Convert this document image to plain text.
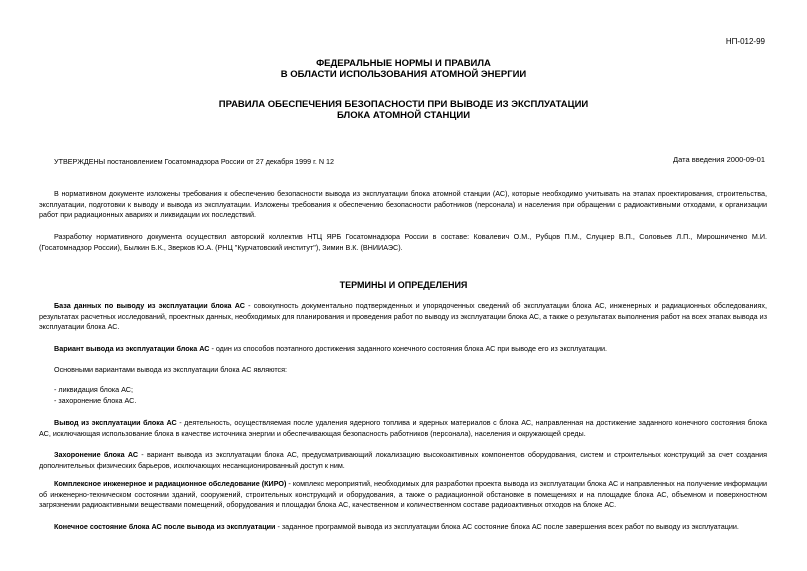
НП-012-99
ФЕДЕРАЛЬНЫЕ НОРМЫ И ПРАВИЛА
В ОБЛАСТИ ИСПОЛЬЗОВАНИЯ АТОМНОЙ ЭНЕРГИИ
ПРАВИЛА ОБЕСПЕЧЕНИЯ БЕЗОПАСНОСТИ ПРИ ВЫВОДЕ ИЗ ЭКСПЛУАТАЦИИ
БЛОКА АТОМНОЙ СТАНЦИИ
Дата введения 2000-09-01
УТВЕРЖДЕНЫ постановлением Госатомнадзора России от 27 декабря 1999 г. N 12
В нормативном документе изложены требования к обеспечению безопасности вывода из эксплуатации блока атомной станции (АС), которые необходимо учитывать на этапах проектирования, строительства, эксплуатации, подготовки к выводу и вывода из эксплуатации. Изложены требования к обеспечению безопасности работников (персонала) и населения при обращении с радиоактивными отходами, к организации работ при радиационных авариях и ликвидации их последствий.
Разработку нормативного документа осуществил авторский коллектив НТЦ ЯРБ Госатомнадзора России в составе: Ковалевич О.М., Рубцов П.М., Слуцкер В.П., Соловьев Л.П., Мирошниченко М.И. (Госатомнадзор России), Былкин Б.К., Зверков Ю.А. (РНЦ "Курчатовский институт"), Зимин В.К. (ВНИИАЭС).
ТЕРМИНЫ И ОПРЕДЕЛЕНИЯ
База данных по выводу из эксплуатации блока АС - совокупность документально подтвержденных и упорядоченных сведений об эксплуатации блока АС, инженерных и радиационных обследованиях, результатах расчетных исследований, проектных данных, необходимых для планирования и проведения работ по выводу из эксплуатации блока АС, а также о результатах выполнения работ на всех этапах вывода из эксплуатации блока АС.
Вариант вывода из эксплуатации блока АС - один из способов поэтапного достижения заданного конечного состояния блока АС при выводе его из эксплуатации.
Основными вариантами вывода из эксплуатации блока АС являются:
- ликвидация блока АС;
- захоронение блока АС.
Вывод из эксплуатации блока АС - деятельность, осуществляемая после удаления ядерного топлива и ядерных материалов с блока АС, направленная на достижение заданного конечного состояния блока АС, исключающая использование блока в качестве источника энергии и обеспечивающая безопасность работников (персонала), населения и окружающей среды.
Захоронение блока АС - вариант вывода из эксплуатации блока АС, предусматривающий локализацию высокоактивных компонентов оборудования, систем и строительных конструкций за счет создания дополнительных физических барьеров, исключающих несанкционированный доступ к ним.
Комплексное инженерное и радиационное обследование (КИРО) - комплекс мероприятий, необходимых для разработки проекта вывода из эксплуатации блока АС и направленных на получение информации об инженерно-техническом состоянии зданий, сооружений, строительных конструкций и оборудования, а также о радиационной обстановке в помещениях и на площадке блока АС, объемном и поверхностном загрязнении радиоактивными веществами помещений, оборудования и площадки блока АС, качественном и количественном составе радиоактивных отходов на блоке АС.
Конечное состояние блока АС после вывода из эксплуатации - заданное программой вывода из эксплуатации блока АС состояние блока АС после завершения всех работ по выводу из эксплуатации.
